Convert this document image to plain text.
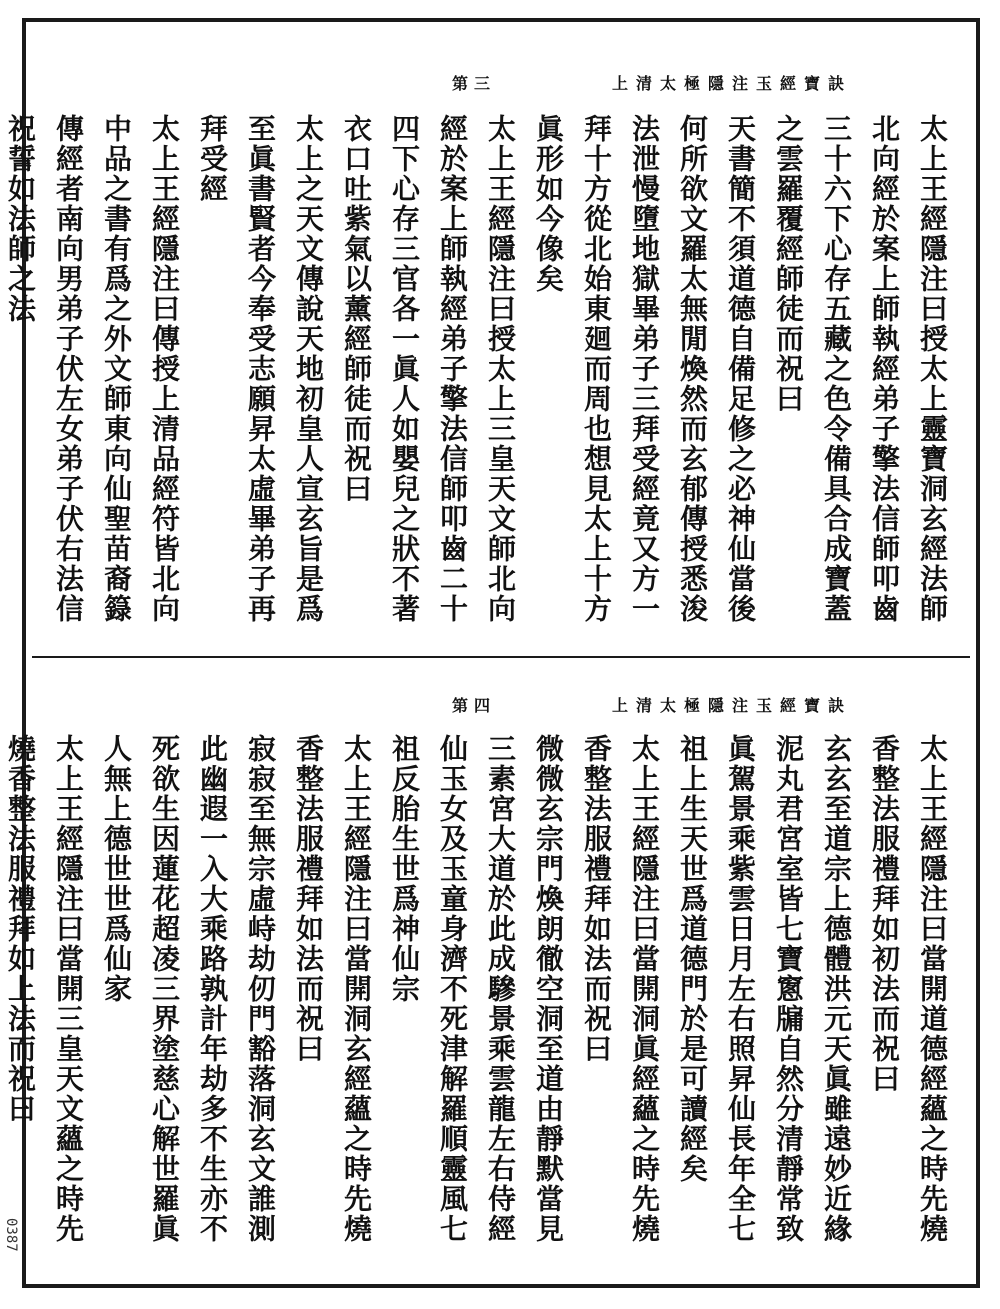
上清太極隱注玉經寶訣
第三
太上王經隱注曰授太上靈寶洞玄經法師
北向經於案上師執經弟子擎法信師叩齒
三十六下心存五藏之色令備具合成寶蓋
之雲羅覆經師徒而祝曰
天書簡不須道德自備足修之必神仙當後
何所欲文羅太無閒煥然而玄郁傳授悉浚
法泄慢墮地獄畢弟子三拜受經竟又方一
拜十方從北始東廻而周也想見太上十方
眞形如今像矣
太上王經隱注曰授太上三皇天文師北向
經於案上師執經弟子擎法信師叩齒二十
四下心存三官各一眞人如嬰兒之狀不著
衣口吐紫氣以薰經師徒而祝曰
太上之天文傳說天地初皇人宣玄旨是爲
至眞書賢者今奉受志願昇太虛畢弟子再
拜受經
太上王經隱注曰傳授上清品經符皆北向
中品之書有爲之外文師東向仙聖苗裔籙
傳經者南向男弟子伏左女弟子伏右法信
祝誓如法師之法
上清太極隱注玉經寶訣
第四
太上王經隱注曰當開道德經蘊之時先燒
香整法服禮拜如初法而祝曰
玄玄至道宗上德體洪元天眞雖遠妙近緣
泥丸君宮室皆七寶窻牖自然分清靜常致
眞駕景乘紫雲日月左右照昇仙長年全七
祖上生天世爲道德門於是可讀經矣
太上王經隱注曰當開洞眞經蘊之時先燒
香整法服禮拜如法而祝曰
微微玄宗門煥朗徹空洞至道由靜默當見
三素宮大道於此成驂景乘雲龍左右侍經
仙玉女及玉童身濟不死津解羅順靈風七
祖反胎生世爲神仙宗
太上王經隱注曰當開洞玄經蘊之時先燒
香整法服禮拜如法而祝曰
寂寂至無宗虛峙劫仞門豁落洞玄文誰測
此幽遐一入大乘路孰計年劫多不生亦不
死欲生因蓮花超凌三界塗慈心解世羅眞
人無上德世世爲仙家
太上王經隱注曰當開三皇天文蘊之時先
燒香整法服禮拜如上法而祝曰
0387
